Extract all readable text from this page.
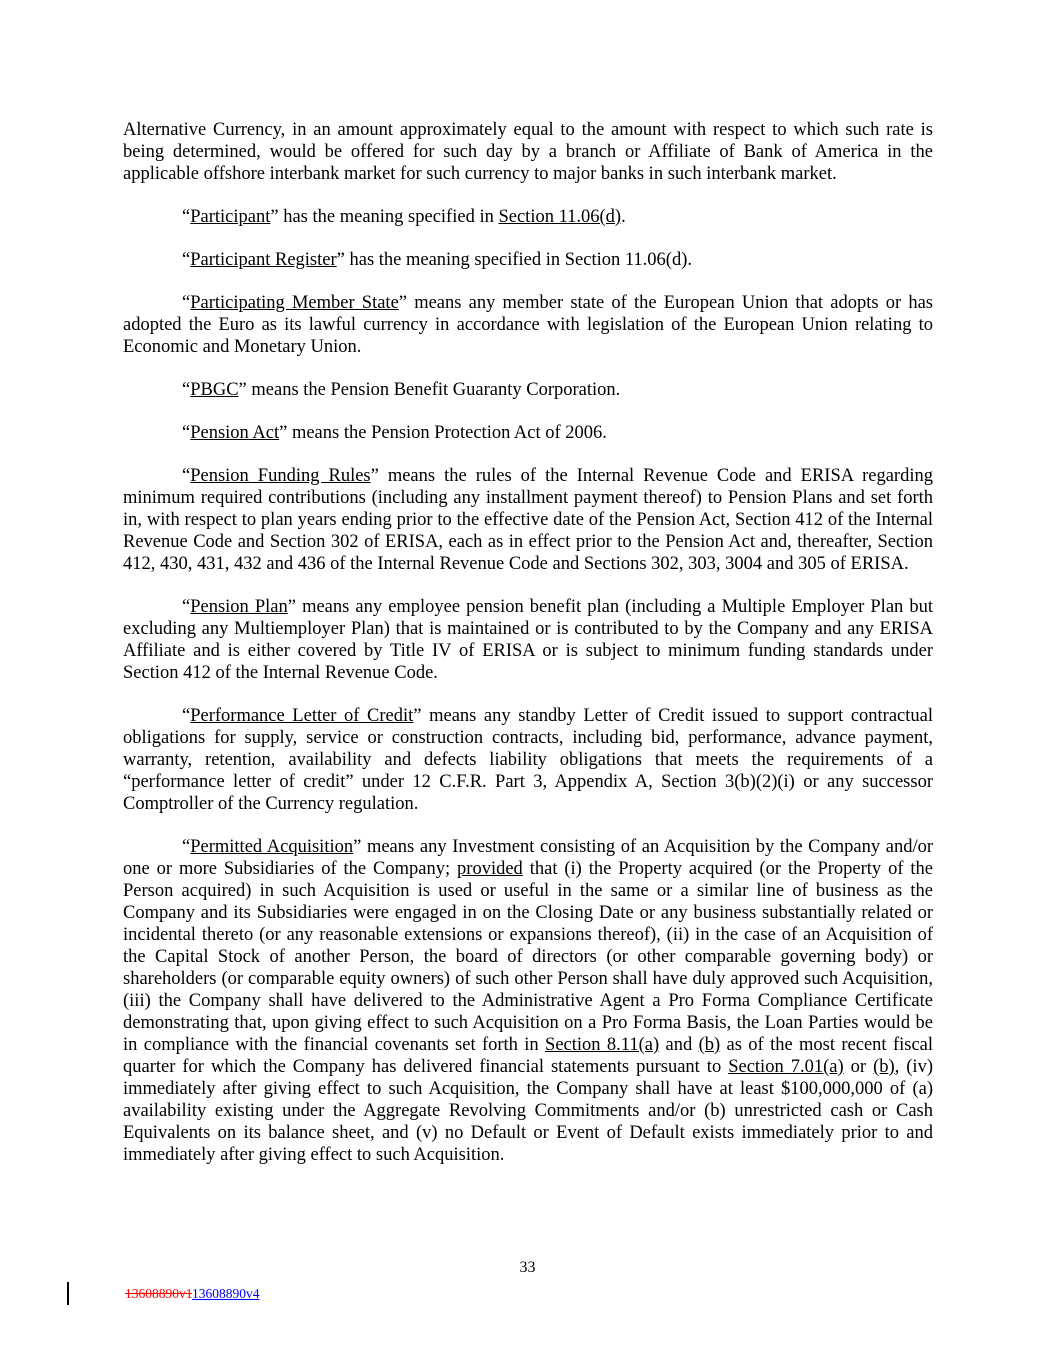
Alternative Currency, in an amount approximately equal to the amount with respect to which such rate is being determined, would be offered for such day by a branch or Affiliate of Bank of America in the applicable offshore interbank market for such currency to major banks in such interbank market.

“Participant” has the meaning specified in Section 11.06(d).

“Participant Register” has the meaning specified in Section 11.06(d).

“Participating Member State” means any member state of the European Union that adopts or has adopted the Euro as its lawful currency in accordance with legislation of the European Union relating to Economic and Monetary Union.

“PBGC” means the Pension Benefit Guaranty Corporation.

“Pension Act” means the Pension Protection Act of 2006.

“Pension Funding Rules” means the rules of the Internal Revenue Code and ERISA regarding minimum required contributions (including any installment payment thereof) to Pension Plans and set forth in, with respect to plan years ending prior to the effective date of the Pension Act, Section 412 of the Internal Revenue Code and Section 302 of ERISA, each as in effect prior to the Pension Act and, thereafter, Section 412, 430, 431, 432 and 436 of the Internal Revenue Code and Sections 302, 303, 3004 and 305 of ERISA.

“Pension Plan” means any employee pension benefit plan (including a Multiple Employer Plan but excluding any Multiemployer Plan) that is maintained or is contributed to by the Company and any ERISA Affiliate and is either covered by Title IV of ERISA or is subject to minimum funding standards under Section 412 of the Internal Revenue Code.

“Performance Letter of Credit” means any standby Letter of Credit issued to support contractual obligations for supply, service or construction contracts, including bid, performance, advance payment, warranty, retention, availability and defects liability obligations that meets the requirements of a “performance letter of credit” under 12 C.F.R. Part 3, Appendix A, Section 3(b)(2)(i) or any successor Comptroller of the Currency regulation.

“Permitted Acquisition” means any Investment consisting of an Acquisition by the Company and/or one or more Subsidiaries of the Company; provided that (i) the Property acquired (or the Property of the Person acquired) in such Acquisition is used or useful in the same or a similar line of business as the Company and its Subsidiaries were engaged in on the Closing Date or any business substantially related or incidental thereto (or any reasonable extensions or expansions thereof), (ii) in the case of an Acquisition of the Capital Stock of another Person, the board of directors (or other comparable governing body) or shareholders (or comparable equity owners) of such other Person shall have duly approved such Acquisition, (iii) the Company shall have delivered to the Administrative Agent a Pro Forma Compliance Certificate demonstrating that, upon giving effect to such Acquisition on a Pro Forma Basis, the Loan Parties would be in compliance with the financial covenants set forth in Section 8.11(a) and (b) as of the most recent fiscal quarter for which the Company has delivered financial statements pursuant to Section 7.01(a) or (b), (iv) immediately after giving effect to such Acquisition, the Company shall have at least $100,000,000 of (a) availability existing under the Aggregate Revolving Commitments and/or (b) unrestricted cash or Cash Equivalents on its balance sheet, and (v) no Default or Event of Default exists immediately prior to and immediately after giving effect to such Acquisition.

33
13608890v113608890v4
